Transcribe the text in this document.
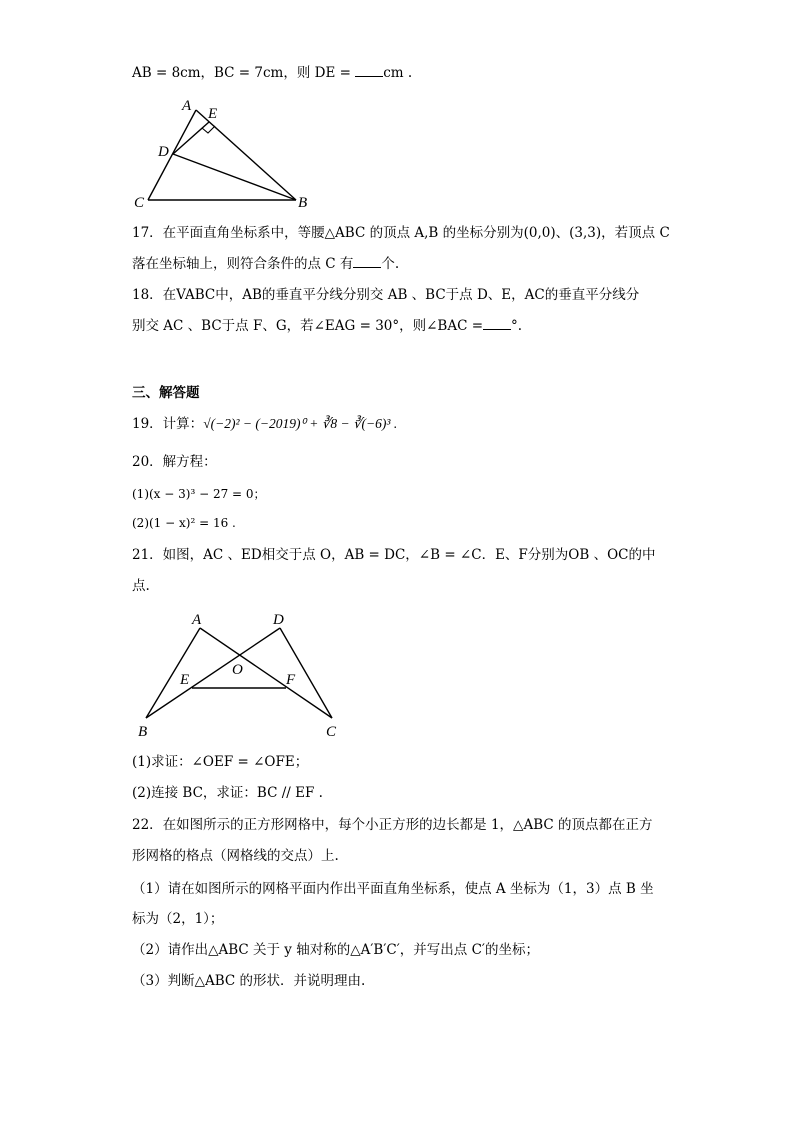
AB = 8cm，BC = 7cm，则 DE = cm .
A E
D
C	B
17．在平面直角坐标系中，等腰△ABC 的顶点 A,B 的坐标分别为(0,0)、(3,3)，若顶点 C
落在坐标轴上，则符合条件的点 C 有 个.
18．在VABC中，AB的垂直平分线分别交 AB 、BC于点 D、E，AC的垂直平分线分
别交 AC 、BC于点 F、G，若∠EAG = 30°，则∠BAC = °.
三、解答题
19．计算：√(−2)² − (−2019)⁰ + ∛8 − ∛(−6)³ .
20．解方程：
(1)(x − 3)³ − 27 = 0；
(2)(1 − x)² = 16 .
21．如图，AC 、ED相交于点 O，AB = DC，∠B = ∠C．E、F分别为OB 、OC的中
点.
A	D
O
E	F
B	C
(1)求证：∠OEF = ∠OFE；
(2)连接 BC，求证：BC // EF .
22．在如图所示的正方形网格中，每个小正方形的边长都是 1，△ABC 的顶点都在正方
形网格的格点（网格线的交点）上.
（1）请在如图所示的网格平面内作出平面直角坐标系，使点 A 坐标为（1，3）点 B 坐
标为（2，1）；
（2）请作出△ABC 关于 y 轴对称的△A′B′C′，并写出点 C′的坐标；
（3）判断△ABC 的形状．并说明理由.
